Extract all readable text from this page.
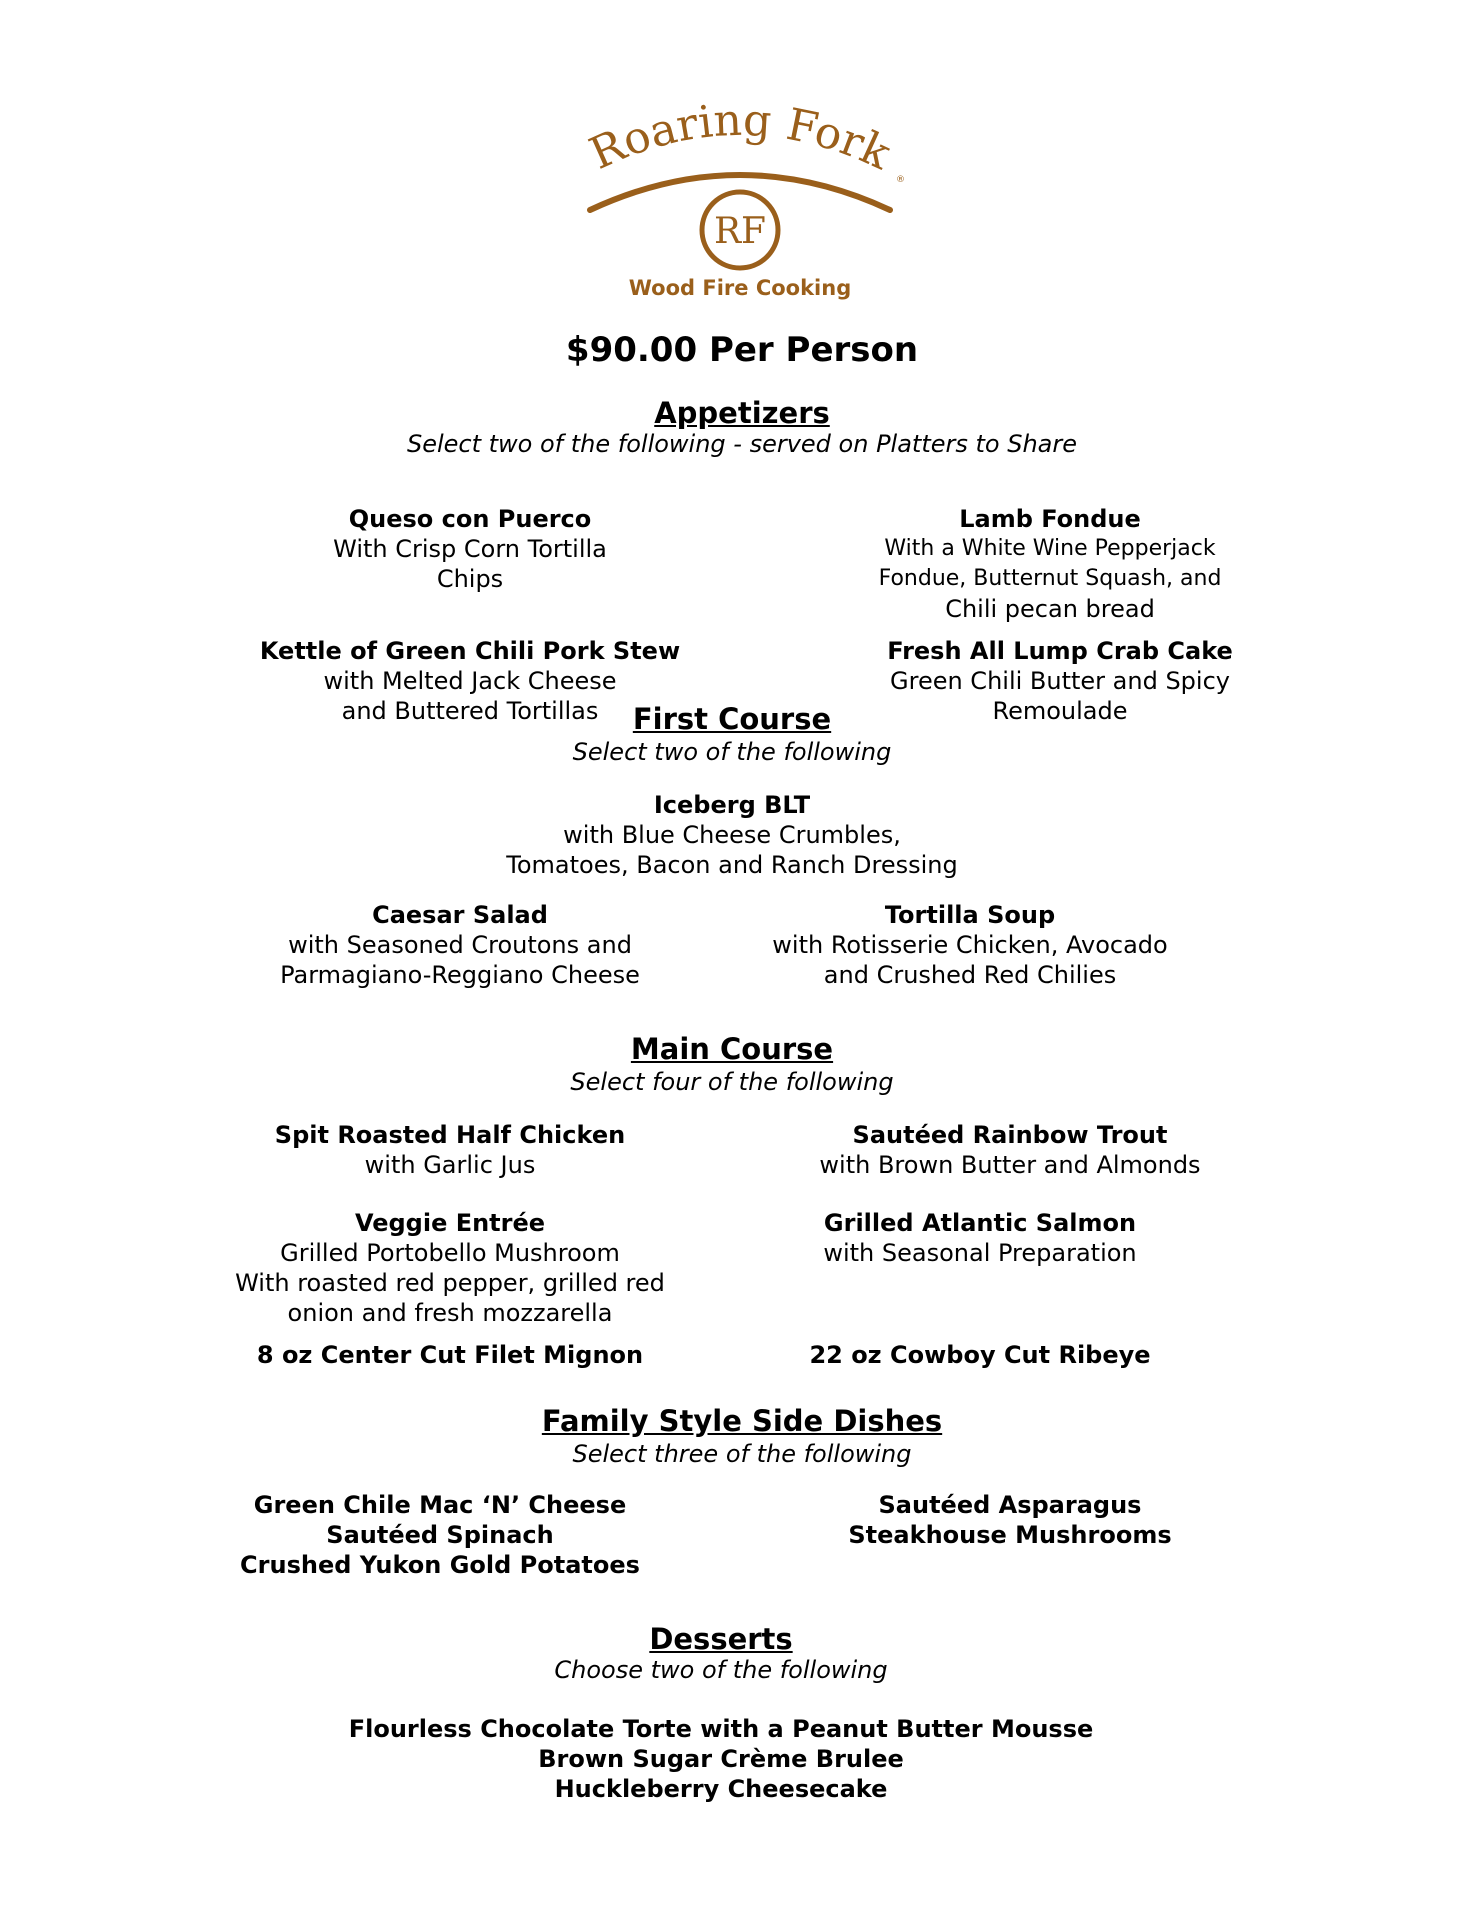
Roaring Fork
®
RF
Wood Fire Cooking
$90.00 Per Person
Appetizers
Select two of the following - served on Platters to Share
Queso con Puerco
With Crisp Corn Tortilla
Chips
Lamb Fondue
With a White Wine Pepperjack
Fondue, Butternut Squash, and
Chili pecan bread
Kettle of Green Chili Pork Stew
with Melted Jack Cheese
and Buttered Tortillas
Fresh All Lump Crab Cake
Green Chili Butter and Spicy
Remoulade
First Course
Select two of the following
Iceberg BLT
with Blue Cheese Crumbles,
Tomatoes, Bacon and Ranch Dressing
Caesar Salad
with Seasoned Croutons and
Parmagiano-Reggiano Cheese
Tortilla Soup
with Rotisserie Chicken, Avocado
and Crushed Red Chilies
Main Course
Select four of the following
Spit Roasted Half Chicken
with Garlic Jus
Sautéed Rainbow Trout
with Brown Butter and Almonds
Veggie Entrée
Grilled Portobello Mushroom
With roasted red pepper, grilled red
onion and fresh mozzarella
Grilled Atlantic Salmon
with Seasonal Preparation
8 oz Center Cut Filet Mignon	22 oz Cowboy Cut Ribeye
Family Style Side Dishes
Select three of the following
Green Chile Mac ‘N’ Cheese
Sautéed Spinach
Crushed Yukon Gold Potatoes
Sautéed Asparagus
Steakhouse Mushrooms
Desserts
Choose two of the following
Flourless Chocolate Torte with a Peanut Butter Mousse
Brown Sugar Crème Brulee
Huckleberry Cheesecake
